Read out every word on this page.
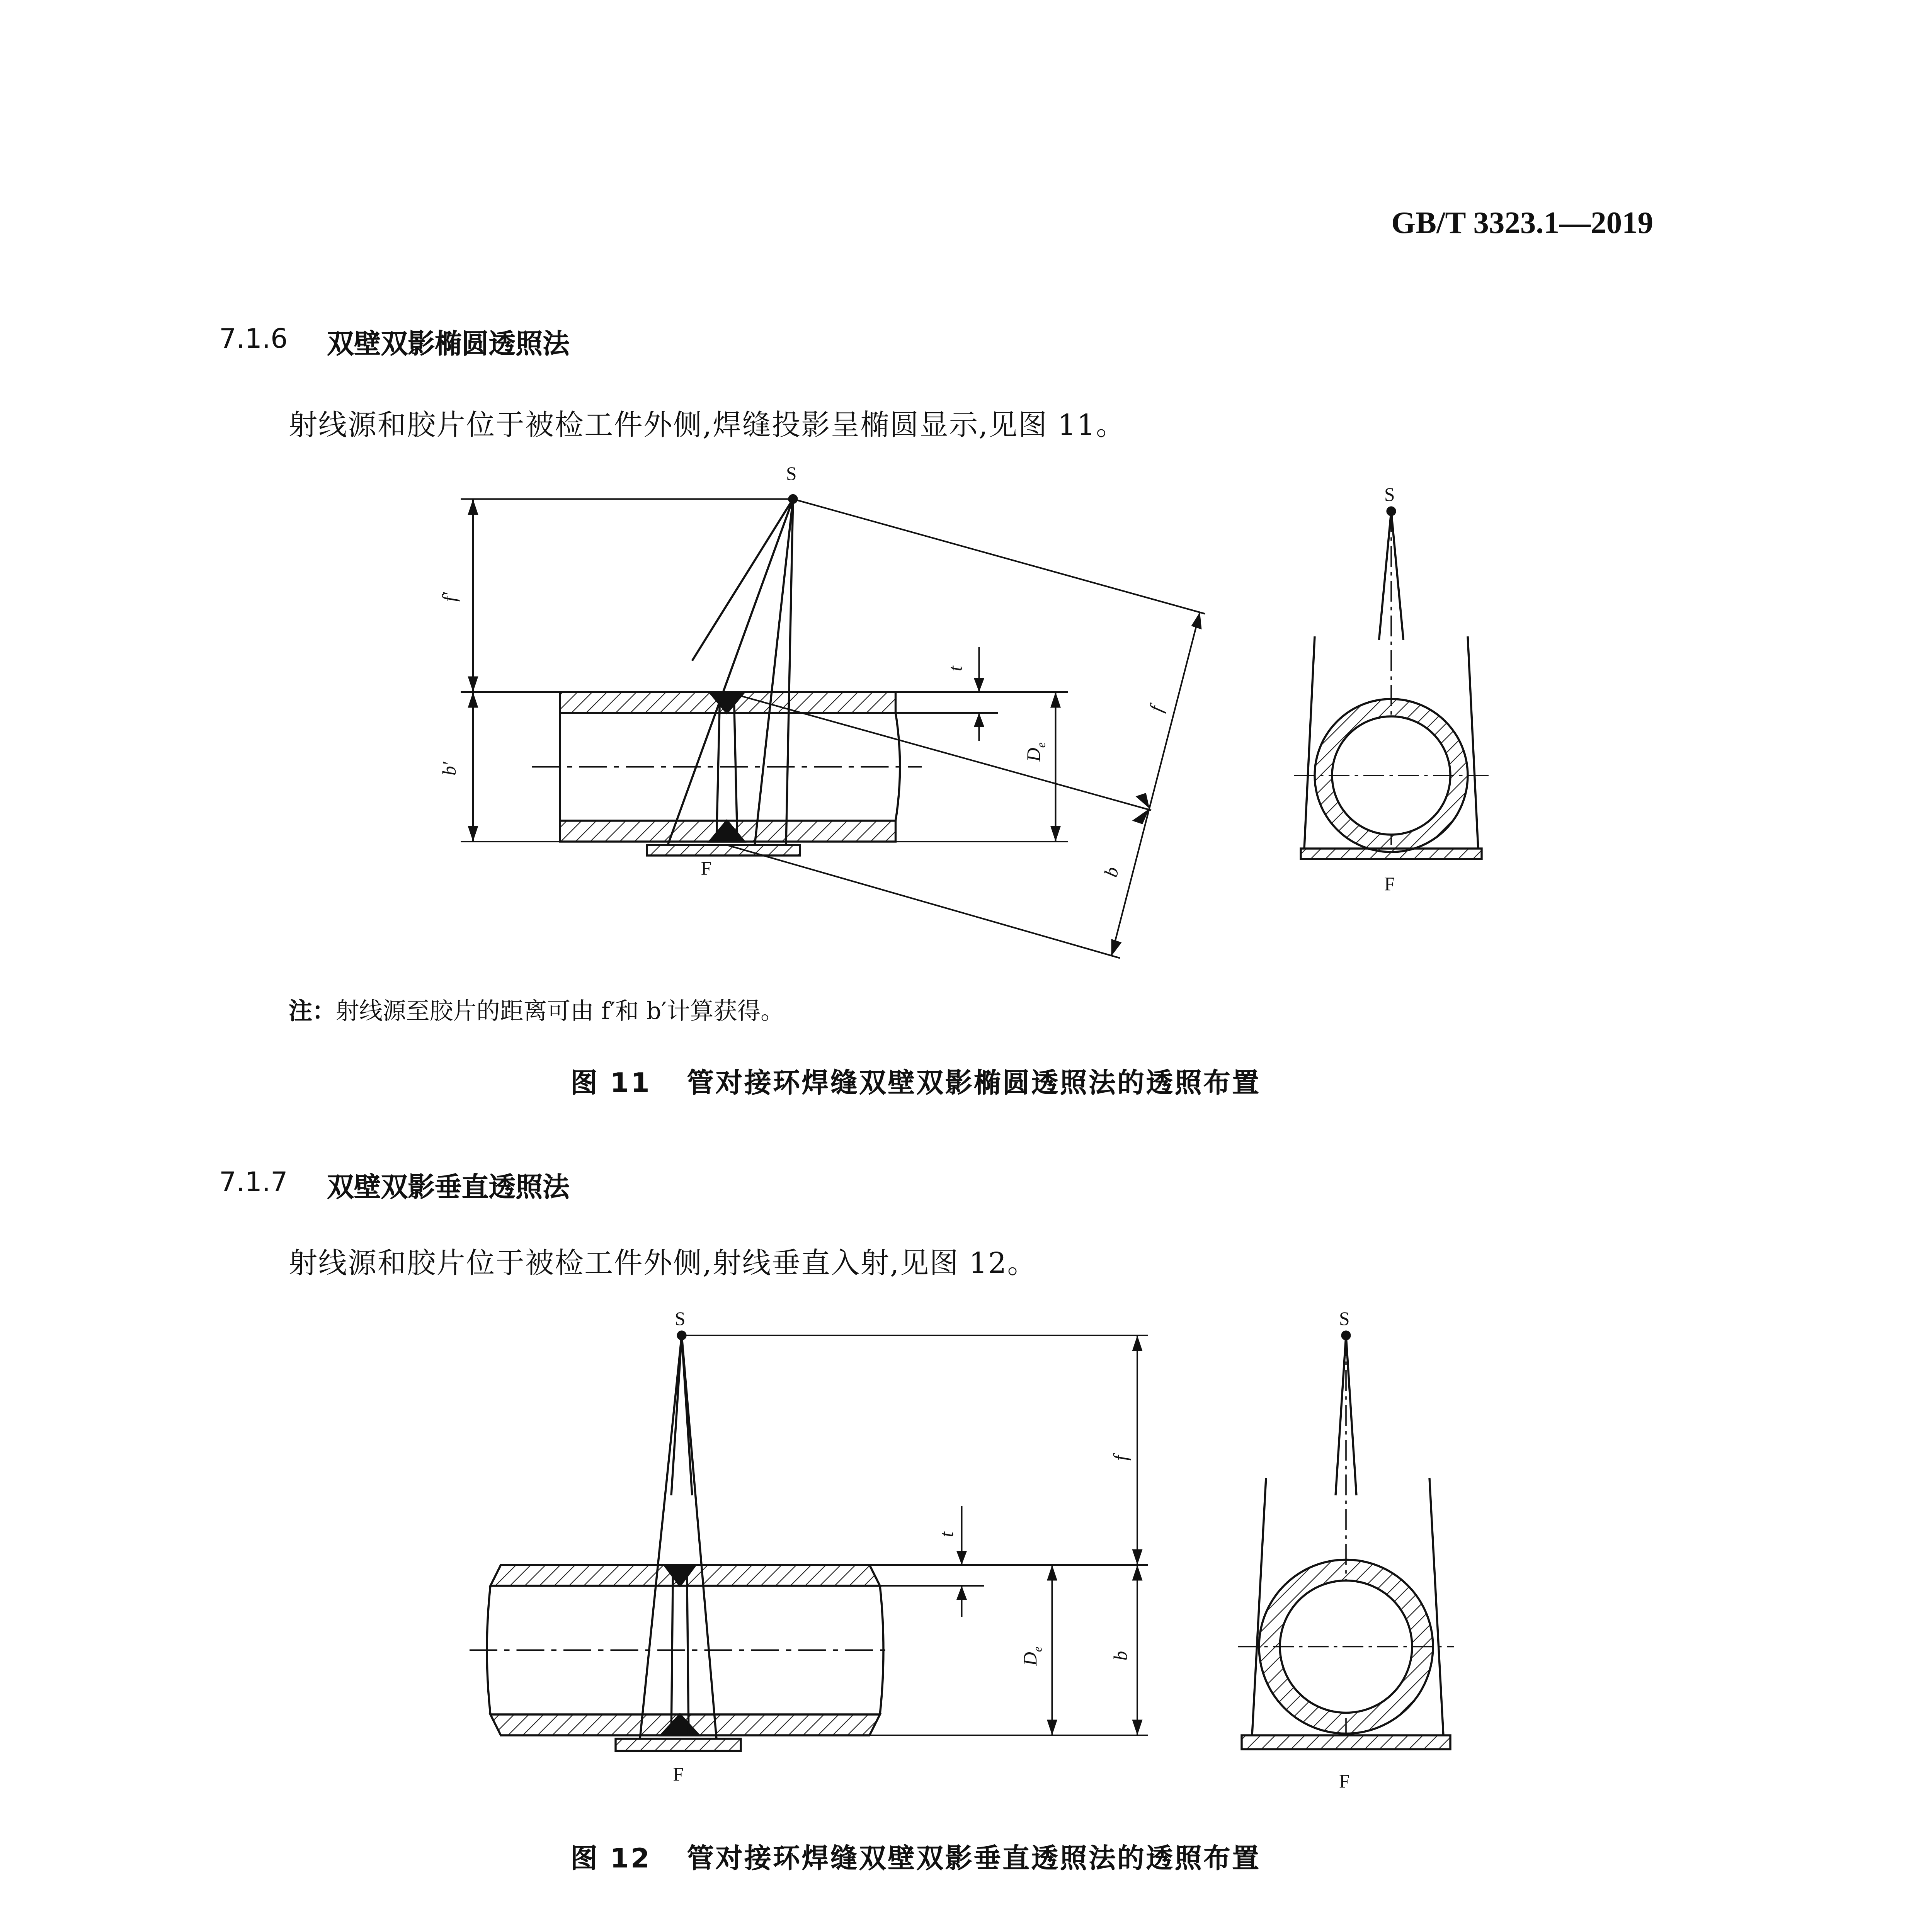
GB/T 3323.1—2019
7.1.6	双壁双影椭圆透照法
射线源和胶片位于被检工件外侧,焊缝投影呈椭圆显示,见图 11。
S
F
S
F
f′
b′
t
$D_e$
f
b
注：射线源至胶片的距离可由 f′和 b′计算获得。
图 11	管对接环焊缝双壁双影椭圆透照法的透照布置
7.1.7	双壁双影垂直透照法
射线源和胶片位于被检工件外侧,射线垂直入射,见图 12。
S
F
S
F
f
b
t
$D_e$
图 12	管对接环焊缝双壁双影垂直透照法的透照布置
